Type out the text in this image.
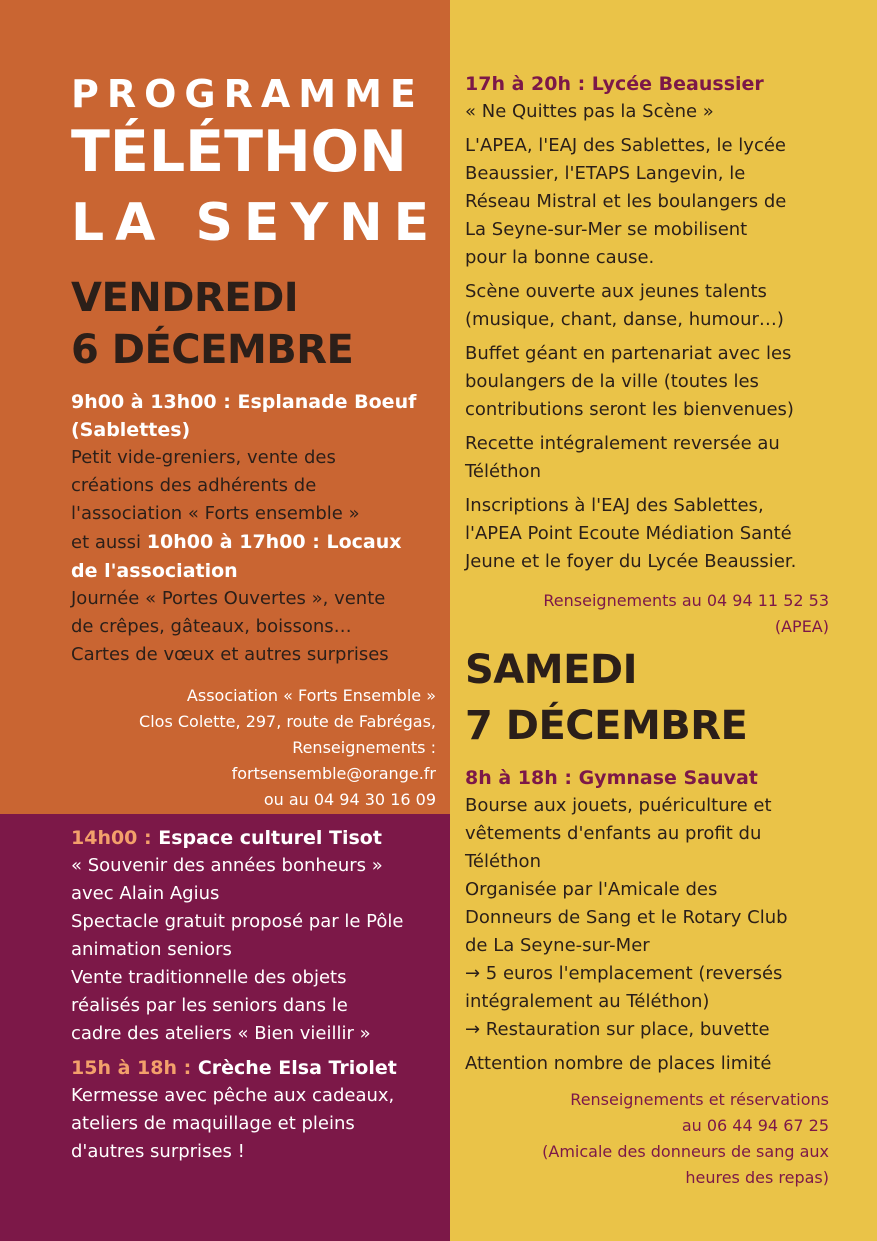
PROGRAMME
TÉLÉTHON
LA SEYNE

VENDREDI

6 DÉCEMBRE

9h00 à 13h00 : Esplanade Boeuf

(Sablettes)

Petit vide-greniers, vente des

créations des adhérents de

l'association « Forts ensemble »

et aussi 10h00 à 17h00 : Locaux

de l'association

Journée « Portes Ouvertes », vente

de crêpes, gâteaux, boissons…

Cartes de vœux et autres surprises

Association « Forts Ensemble »

Clos Colette, 297, route de Fabrégas,

Renseignements :

fortsensemble@orange.fr

ou au 04 94 30 16 09

14h00 : Espace culturel Tisot

« Souvenir des années bonheurs »

avec Alain Agius

Spectacle gratuit proposé par le Pôle

animation seniors

Vente traditionnelle des objets

réalisés par les seniors dans le

cadre des ateliers « Bien vieillir »

15h à 18h : Crèche Elsa Triolet

Kermesse avec pêche aux cadeaux,

ateliers de maquillage et pleins

d'autres surprises !

17h à 20h : Lycée Beaussier

« Ne Quittes pas la Scène »

L'APEA, l'EAJ des Sablettes, le lycée

Beaussier, l'ETAPS Langevin, le

Réseau Mistral et les boulangers de

La Seyne-sur-Mer se mobilisent

pour la bonne cause.

Scène ouverte aux jeunes talents

(musique, chant, danse, humour…)

Buffet géant en partenariat avec les

boulangers de la ville (toutes les

contributions seront les bienvenues)

Recette intégralement reversée au

Téléthon

Inscriptions à l'EAJ des Sablettes,

l'APEA Point Ecoute Médiation Santé

Jeune et le foyer du Lycée Beaussier.

Renseignements au 04 94 11 52 53

(APEA)

SAMEDI

7 DÉCEMBRE

8h à 18h : Gymnase Sauvat

Bourse aux jouets, puériculture et

vêtements d'enfants au profit du

Téléthon

Organisée par l'Amicale des

Donneurs de Sang et le Rotary Club

de La Seyne-sur-Mer

→ 5 euros l'emplacement (reversés

intégralement au Téléthon)

→ Restauration sur place, buvette

Attention nombre de places limité

Renseignements et réservations

au 06 44 94 67 25

(Amicale des donneurs de sang aux

heures des repas)
